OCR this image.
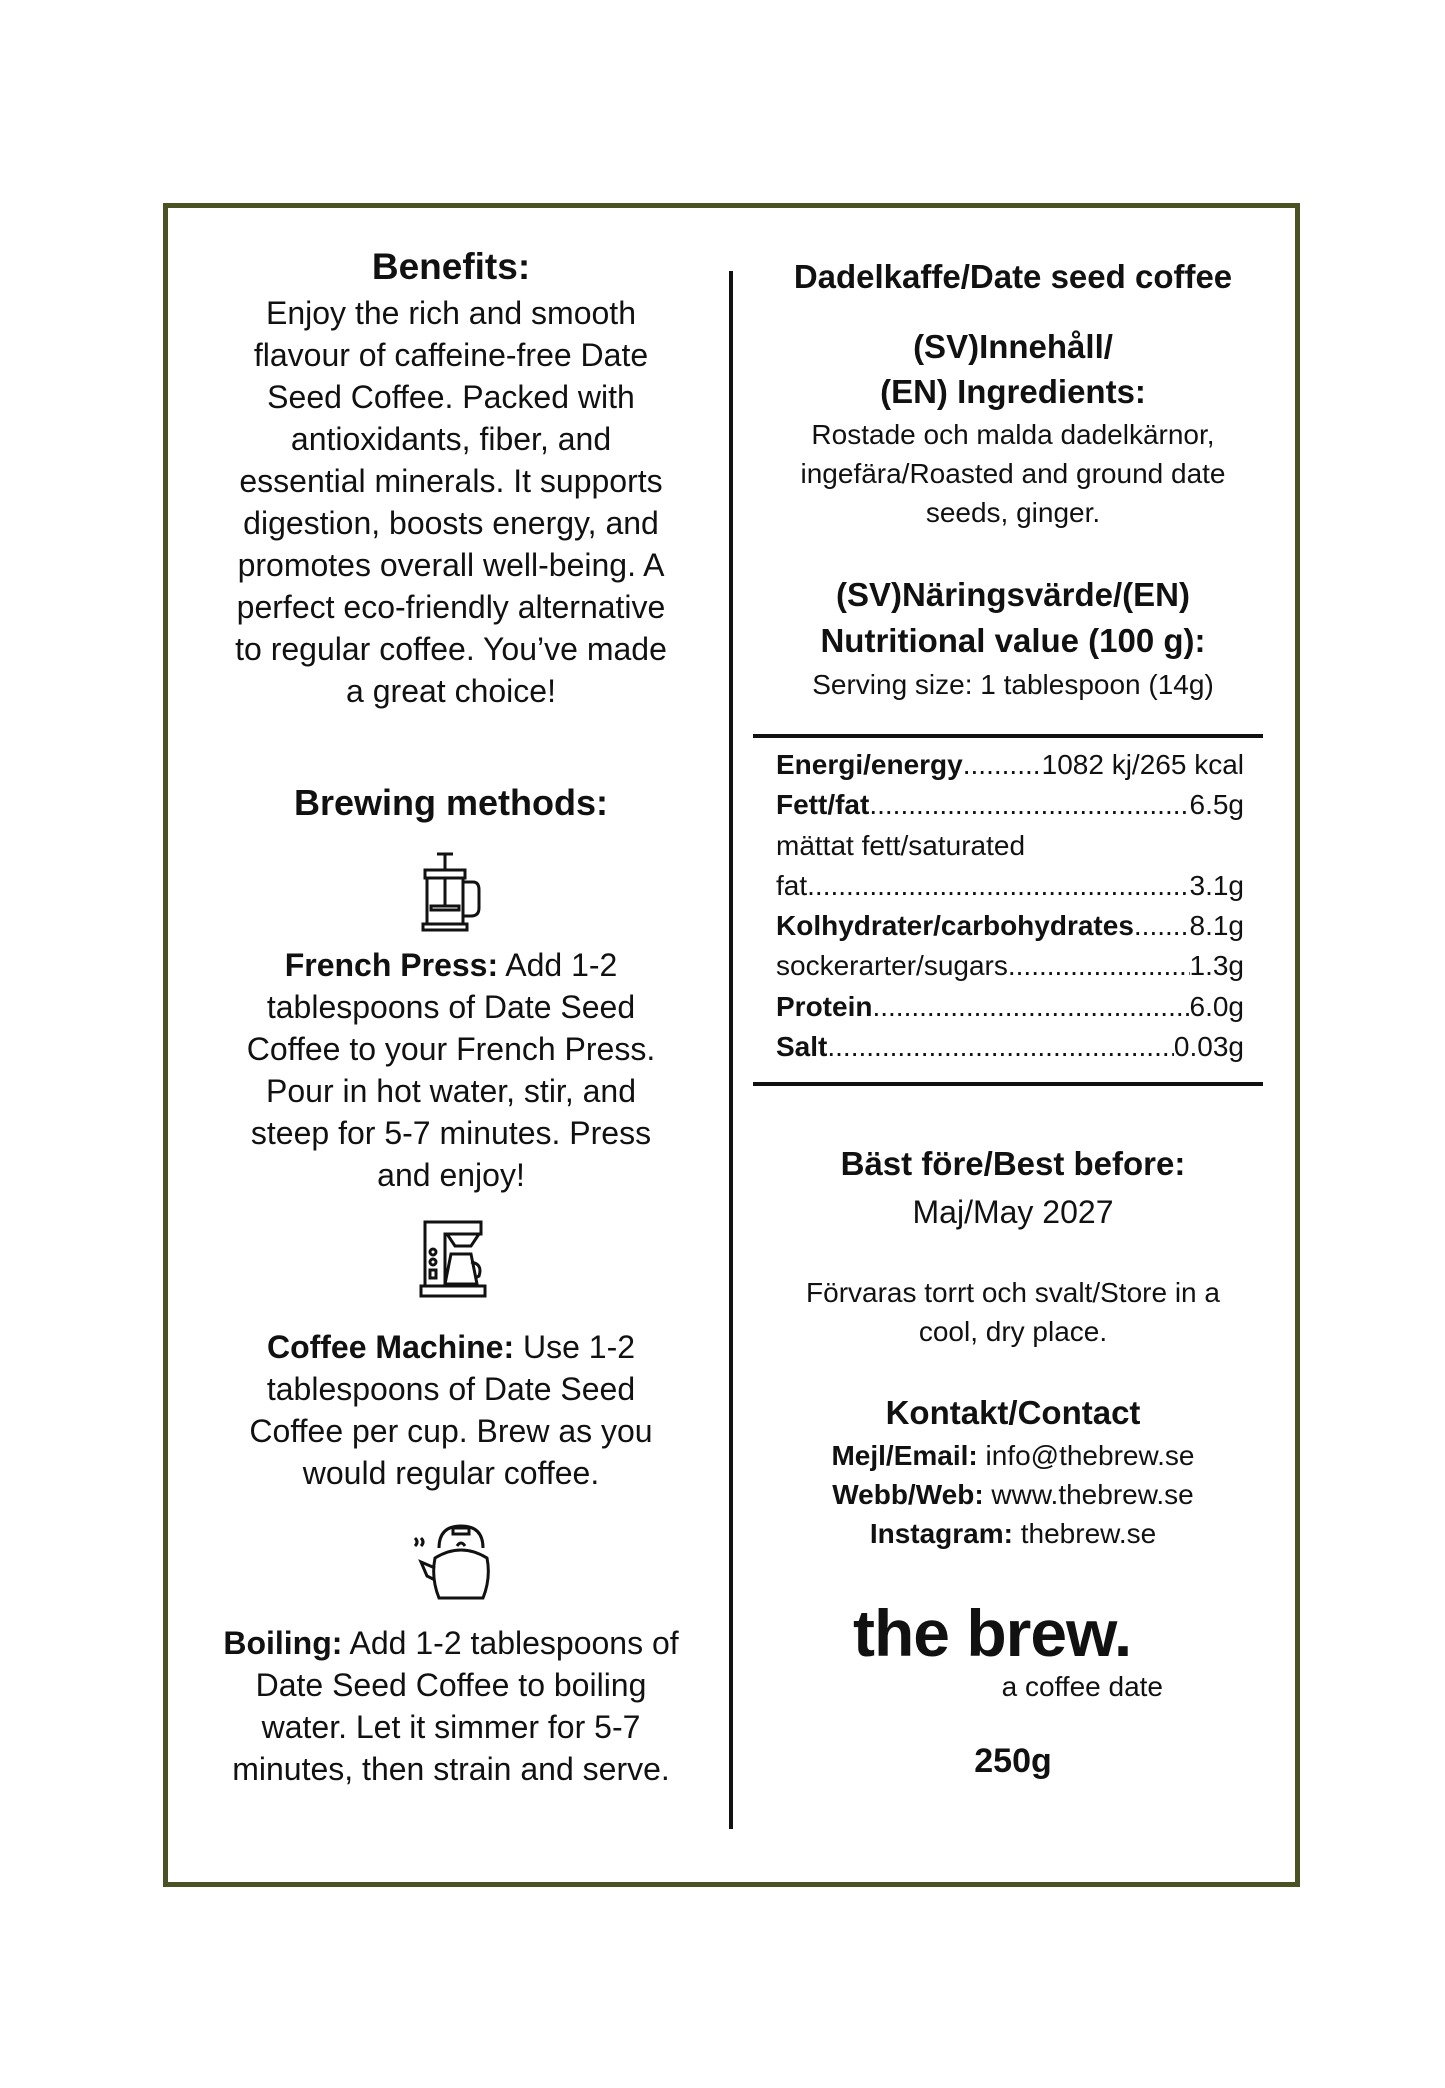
Benefits:
Enjoy the rich and smooth
flavour of caffeine-free Date
Seed Coffee. Packed with
antioxidants, fiber, and
essential minerals. It supports
digestion, boosts energy, and
promotes overall well-being. A
perfect eco-friendly alternative
to regular coffee. You’ve made
a great choice!
Brewing methods:
French Press: Add 1-2
tablespoons of Date Seed
Coffee to your French Press.
Pour in hot water, stir, and
steep for 5-7 minutes. Press
and enjoy!
Coffee Machine: Use 1-2
tablespoons of Date Seed
Coffee per cup. Brew as you
would regular coffee.
Boiling: Add 1-2 tablespoons of
Date Seed Coffee to boiling
water. Let it simmer for 5-7
minutes, then strain and serve.
Dadelkaffe/Date seed coffee
(SV)Innehåll/
(EN) Ingredients:
Rostade och malda dadelkärnor,
ingefära/Roasted and ground date
seeds, ginger.
(SV)Näringsvärde/(EN)
Nutritional value (100 g):
Serving size: 1 tablespoon (14g)
Energi/energy .....	1082 kj/265 kcal
Fett/fat .....	6.5g
mättat fett/saturated
fat .....	3.1g
Kolhydrater/carbohydrates ..... 8.1g
sockerarter/sugars .....	1.3g
Protein .....	6.0g
Salt .....	0.03g
Bäst före/Best before:
Maj/May 2027
Förvaras torrt och svalt/Store in a
cool, dry place.
Kontakt/Contact
Mejl/Email: info@thebrew.se
Webb/Web: www.thebrew.se
Instagram: thebrew.se
the brew.
a coffee date
250g
